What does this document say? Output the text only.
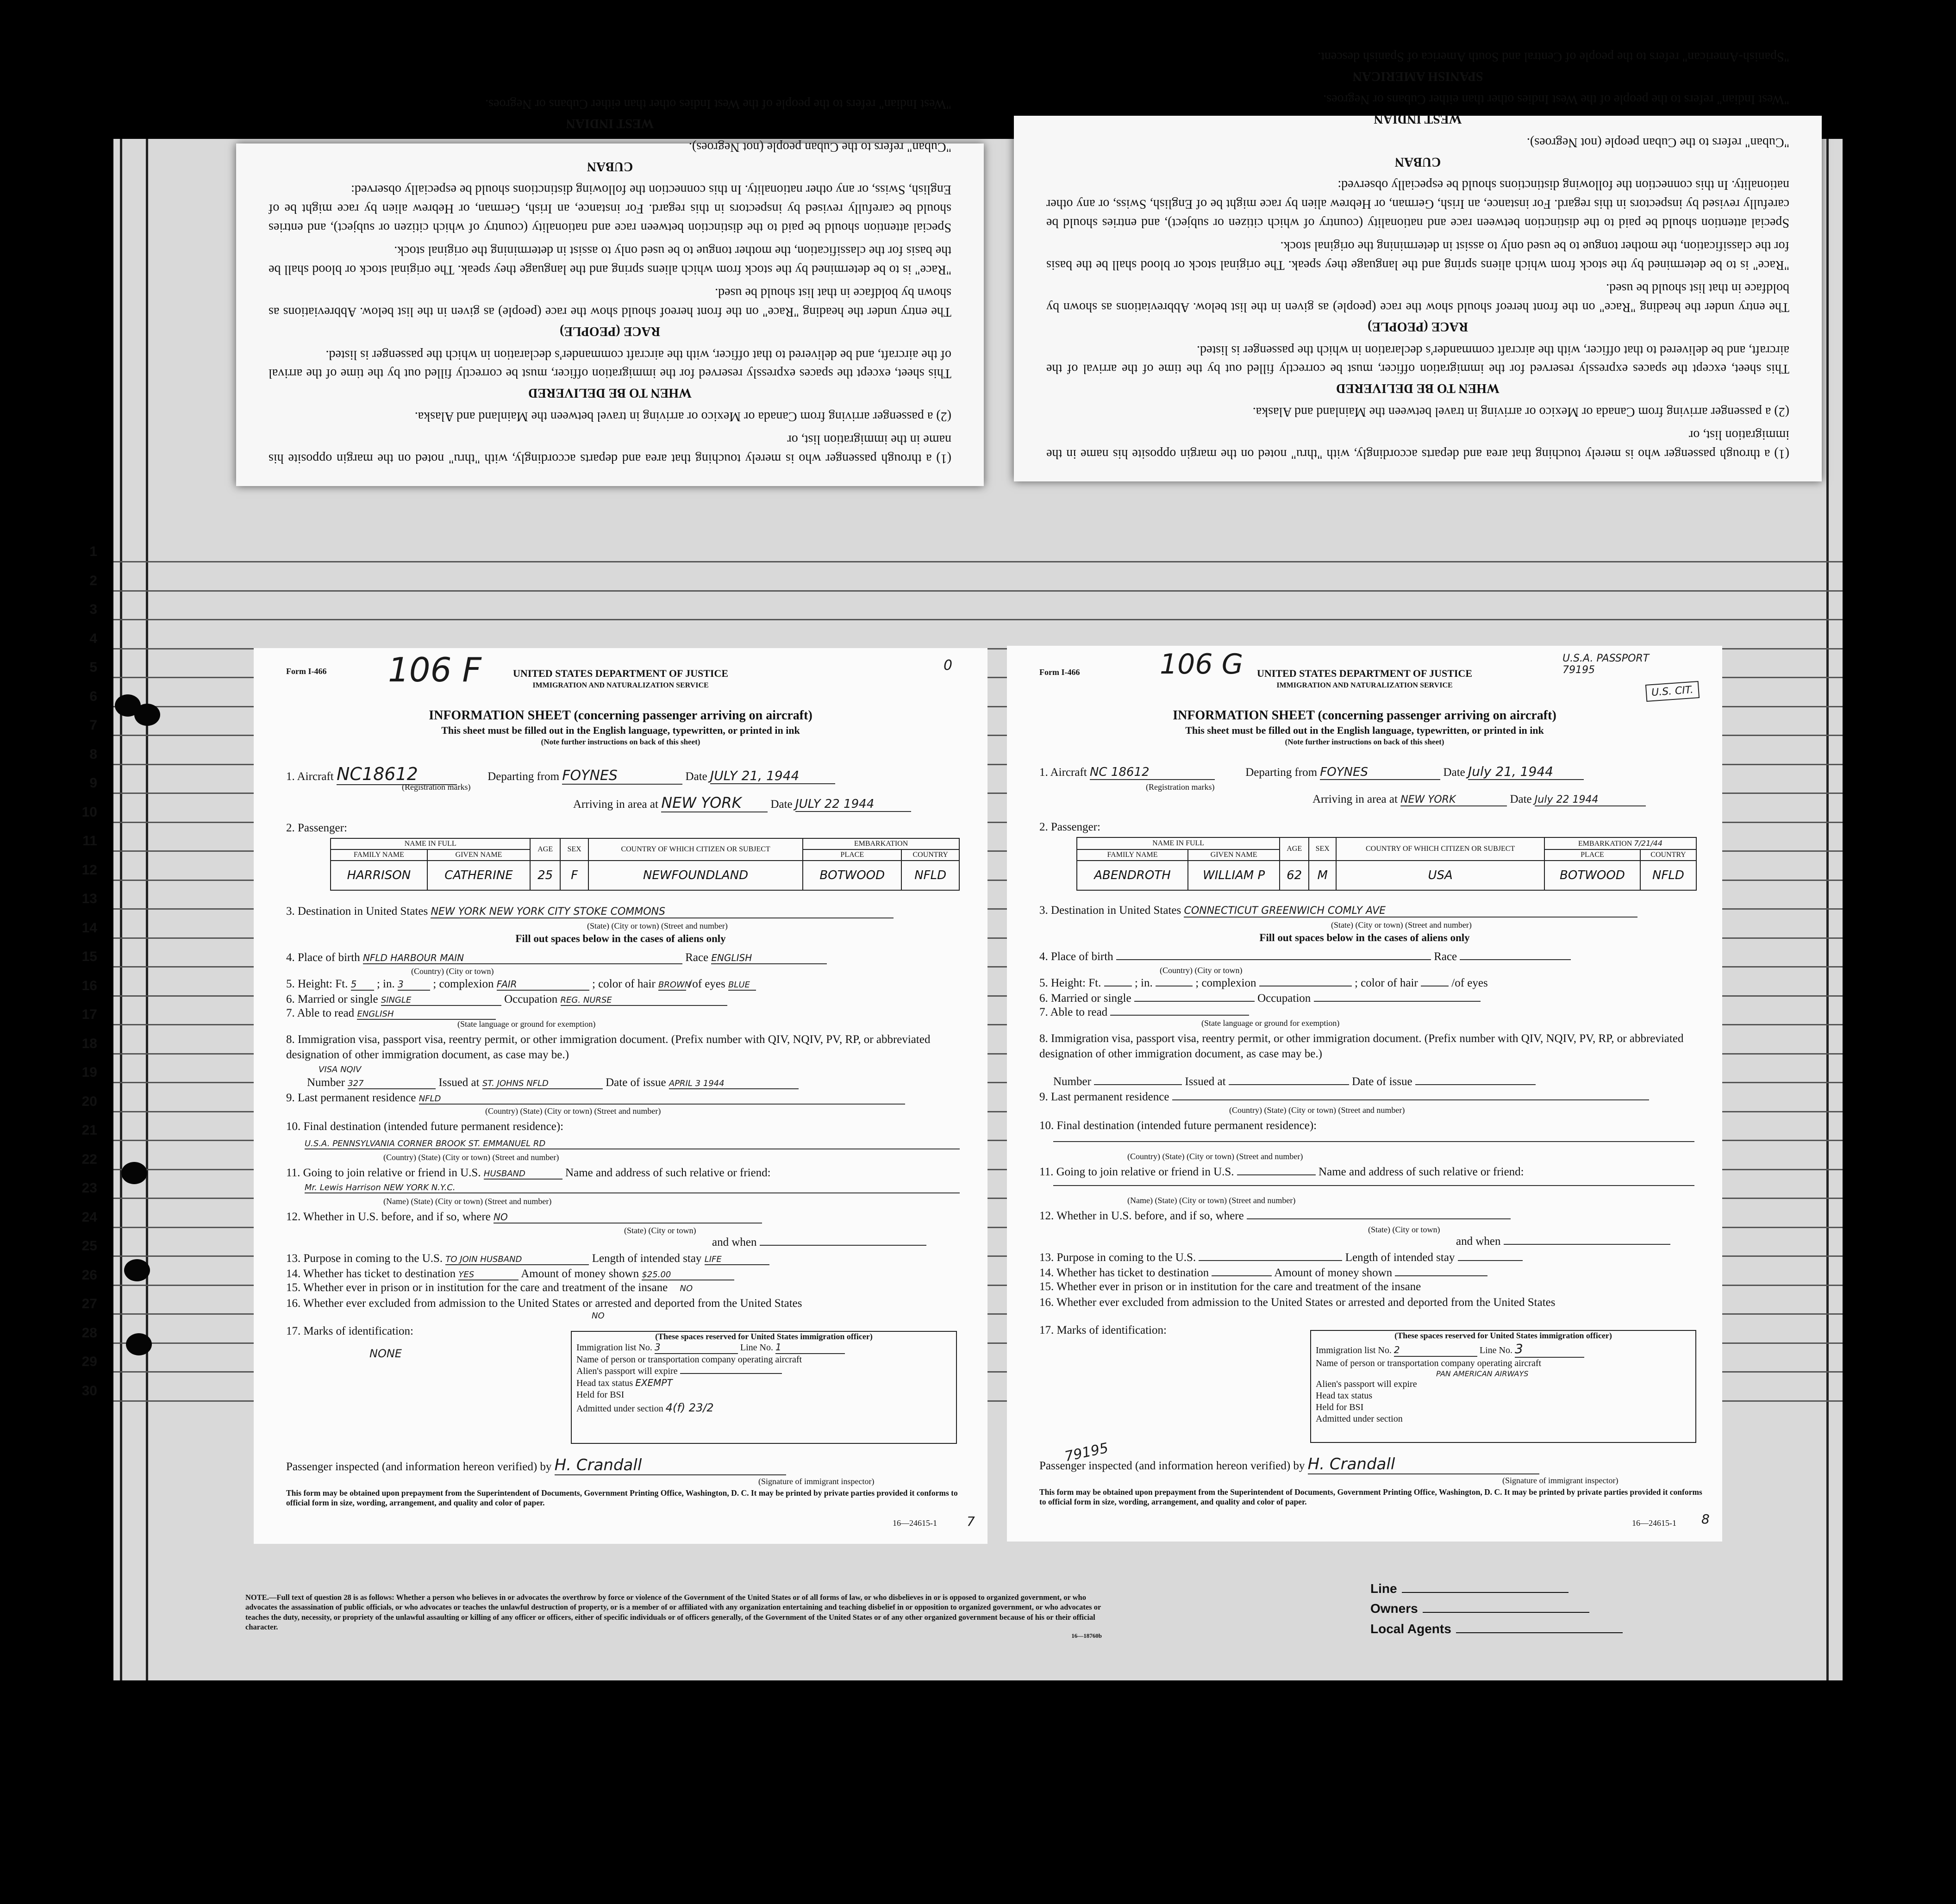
1
2
3
4
5
6
7
8
9
10
11
12
13
14
15
16
17
18
19
20
21
22
23
24
25
26
27
28
29
30

(1) a through passenger who is merely touching that area and departs accordingly, with "thru" noted on the margin opposite his name in the immigration list, or

(2) a passenger arriving from Canada or Mexico or arriving in travel between the Mainland and Alaska.

WHEN TO BE DELIVERED

This sheet, except the spaces expressly reserved for the immigration officer, must be correctly filled out by the time of the arrival of the aircraft, and be delivered to that officer, with the aircraft commander's declaration in which the passenger is listed.

RACE (PEOPLE)

The entry under the heading "Race" on the front hereof should show the race (people) as given in the list below. Abbreviations as shown by boldface in that list should be used.

"Race" is to be determined by the stock from which aliens spring and the language they speak. The original stock or blood shall be the basis for the classification, the mother tongue to be used only to assist in determining the original stock.

Special attention should be paid to the distinction between race and nationality (country of which citizen or subject), and entries should be carefully revised by inspectors in this regard. For instance, an Irish, German, or Hebrew alien by race might be of English, Swiss, or any other nationality. In this connection the following distinctions should be especially observed:

CUBAN

"Cuban" refers to the Cuban people (not Negroes).

WEST INDIAN

"West Indian" refers to the people of the West Indies other than either Cubans or Negroes.

(1) a through passenger who is merely touching that area and departs accordingly, with "thru" noted on the margin opposite his name in the immigration list, or

(2) a passenger arriving from Canada or Mexico or arriving in travel between the Mainland and Alaska.

WHEN TO BE DELIVERED

This sheet, except the spaces expressly reserved for the immigration officer, must be correctly filled out by the time of the arrival of the aircraft, and be delivered to that officer, with the aircraft commander's declaration in which the passenger is listed.

RACE (PEOPLE)

The entry under the heading "Race" on the front hereof should show the race (people) as given in the list below. Abbreviations as shown by boldface in that list should be used.

"Race" is to be determined by the stock from which aliens spring and the language they speak. The original stock or blood shall be the basis for the classification, the mother tongue to be used only to assist in determining the original stock.

Special attention should be paid to the distinction between race and nationality (country of which citizen or subject), and entries should be carefully revised by inspectors in this regard. For instance, an Irish, German, or Hebrew alien by race might be of English, Swiss, or any other nationality. In this connection the following distinctions should be especially observed:

CUBAN

"Cuban" refers to the Cuban people (not Negroes).

WEST INDIAN

"West Indian" refers to the people of the West Indies other than either Cubans or Negroes.

SPANISH AMERICAN

"Spanish-American" refers to the people of Central and South America of Spanish descent.

Form I-466	106 F	0
UNITED STATES DEPARTMENT OF JUSTICE
IMMIGRATION AND NATURALIZATION SERVICE
INFORMATION SHEET (concerning passenger arriving on aircraft)
This sheet must be filled out in the English language, typewritten, or printed in ink
(Note further instructions on back of this sheet)
1. Aircraft NC18612	Departing from FOYNES	Date JULY 21, 1944
(Registration marks)
Arriving in area at NEW YORK	Date JULY 22 1944
2. Passenger:
NAME IN FULL		AGE	SEX	COUNTRY OF WHICH CITIZEN OR SUBJECT	EMBARKATION	
FAMILY NAME	GIVEN NAME				PLACE	COUNTRY
HARRISON	CATHERINE	25	F	NEWFOUNDLAND	BOTWOOD	NFLD
3. Destination in United States NEW YORK NEW YORK CITY STOKE COMMONS
(State) (City or town) (Street and number)
Fill out spaces below in the cases of aliens only
4. Place of birth NFLD HARBOUR MAIN	Race ENGLISH
(Country) (City or town)
5. Height: Ft. 5 ; in. 3	; complexion FAIR	; color of hair BROWN /of eyes BLUE
6. Married or single SINGLE	Occupation REG. NURSE
7. Able to read ENGLISH
(State language or ground for exemption)
8. Immigration visa, passport visa, reentry permit, or other immigration document. (Prefix number with QIV, NQIV, PV, RP, or abbreviated designation of other immigration document, as case may be.)
VISA NQIV
Number 327	Issued at ST. JOHNS NFLD	Date of issue APRIL 3 1944
9. Last permanent residence NFLD
(Country) (State) (City or town) (Street and number)
10. Final destination (intended future permanent residence):
U.S.A. PENNSYLVANIA CORNER BROOK ST. EMMANUEL RD
(Country) (State) (City or town) (Street and number)
11. Going to join relative or friend in U.S. HUSBAND	Name and address of such relative or friend:
Mr. Lewis Harrison NEW YORK N.Y.C.
(Name) (State) (City or town) (Street and number)
12. Whether in U.S. before, and if so, where NO
(State) (City or town)
and when
13. Purpose in coming to the U.S. TO JOIN HUSBAND	Length of intended stay LIFE
14. Whether has ticket to destination YES	Amount of money shown $25.00
15. Whether ever in prison or in institution for the care and treatment of the insane NO
16. Whether ever excluded from admission to the United States or arrested and deported from the United States
NO
17. Marks of identification:
NONE
(These spaces reserved for United States immigration officer)
Immigration list No. 3	Line No. 1
Name of person or transportation company operating aircraft
Alien's passport will expire
Head tax status EXEMPT
Held for BSI
Admitted under section 4(f) 23/2
Passenger inspected (and information hereon verified) by H. Crandall
(Signature of immigrant inspector)
This form may be obtained upon prepayment from the Superintendent of Documents, Government Printing Office, Washington, D. C. It may be printed by private parties provided it conforms to official form in size, wording, arrangement, and quality and color of paper.
16—24615-1	7
Form I-466	106 G	U.S.A. PASSPORT 79195
U.S. CIT.
UNITED STATES DEPARTMENT OF JUSTICE
IMMIGRATION AND NATURALIZATION SERVICE
INFORMATION SHEET (concerning passenger arriving on aircraft)
This sheet must be filled out in the English language, typewritten, or printed in ink
(Note further instructions on back of this sheet)
1. Aircraft NC 18612	Departing from FOYNES	Date July 21, 1944
(Registration marks)
Arriving in area at NEW YORK	Date July 22 1944
2. Passenger:
NAME IN FULL		AGE	SEX	COUNTRY OF WHICH CITIZEN OR SUBJECT	EMBARKATION 7/21/44	
FAMILY NAME	GIVEN NAME				PLACE	COUNTRY
ABENDROTH	WILLIAM P	62	M	USA	BOTWOOD	NFLD
3. Destination in United States CONNECTICUT GREENWICH COMLY AVE
(State) (City or town) (Street and number)
Fill out spaces below in the cases of aliens only
4. Place of birth	Race
(Country) (City or town)
5. Height: Ft.	; in.	; complexion	; color of hair	/of eyes
6. Married or single	Occupation
7. Able to read
(State language or ground for exemption)
8. Immigration visa, passport visa, reentry permit, or other immigration document. (Prefix number with QIV, NQIV, PV, RP, or abbreviated designation of other immigration document, as case may be.)
Number	Issued at	Date of issue
9. Last permanent residence
(Country) (State) (City or town) (Street and number)
10. Final destination (intended future permanent residence):
(Country) (State) (City or town) (Street and number)
11. Going to join relative or friend in U.S.	Name and address of such relative or friend:
(Name) (State) (City or town) (Street and number)
12. Whether in U.S. before, and if so, where
(State) (City or town)
and when
13. Purpose in coming to the U.S.	Length of intended stay
14. Whether has ticket to destination	Amount of money shown
15. Whether ever in prison or in institution for the care and treatment of the insane
16. Whether ever excluded from admission to the United States or arrested and deported from the United States
17. Marks of identification:
79195
(These spaces reserved for United States immigration officer)
Immigration list No. 2	Line No. 3
Name of person or transportation company operating aircraft
PAN AMERICAN AIRWAYS
Alien's passport will expire
Head tax status
Held for BSI
Admitted under section
Passenger inspected (and information hereon verified) by H. Crandall
(Signature of immigrant inspector)
This form may be obtained upon prepayment from the Superintendent of Documents, Government Printing Office, Washington, D. C. It may be printed by private parties provided it conforms to official form in size, wording, arrangement, and quality and color of paper.
16—24615-1	8
NOTE.—Full text of question 28 is as follows: Whether a person who believes in or advocates the overthrow by force or violence of the Government of the United States or of all forms of law, or who disbelieves in or is opposed to organized government, or who advocates the assassination of public officials, or who advocates or teaches the unlawful destruction of property, or is a member of or affiliated with any organization entertaining and teaching disbelief in or opposition to organized government, or who advocates or teaches the duty, necessity, or propriety of the unlawful assaulting or killing of any officer or officers, either of specific individuals or of officers generally, of the Government of the United States or of any other organized government because of his or their official character.
16—18760b
Line
Owners
Local Agents
